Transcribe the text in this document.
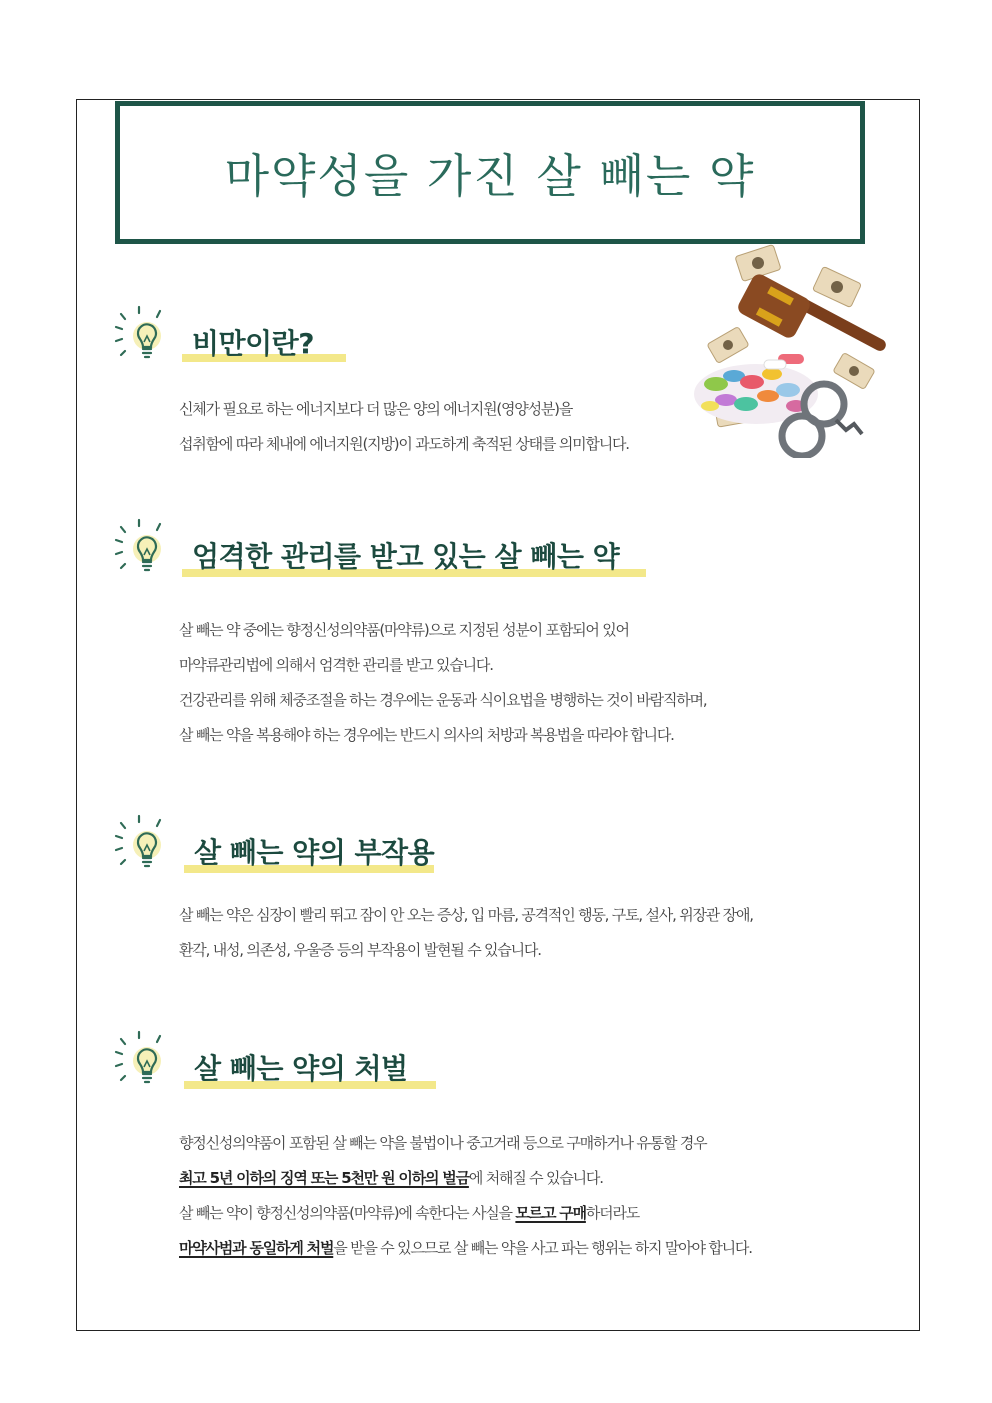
마약성을 가진 살 빼는 약
비만이란?
신체가 필요로 하는 에너지보다 더 많은 양의 에너지원(영양성분)을
섭취함에 따라 체내에 에너지원(지방)이 과도하게 축적된 상태를 의미합니다.
엄격한 관리를 받고 있는 살 빼는 약
살 빼는 약 중에는 향정신성의약품(마약류)으로 지정된 성분이 포함되어 있어
마약류관리법에 의해서 엄격한 관리를 받고 있습니다.
건강관리를 위해 체중조절을 하는 경우에는 운동과 식이요법을 병행하는 것이 바람직하며,
살 빼는 약을 복용해야 하는 경우에는 반드시 의사의 처방과 복용법을 따라야 합니다.
살 빼는 약의 부작용
살 빼는 약은 심장이 빨리 뛰고 잠이 안 오는 증상, 입 마름, 공격적인 행동, 구토, 설사, 위장관 장애,
환각, 내성, 의존성, 우울증 등의 부작용이 발현될 수 있습니다.
살 빼는 약의 처벌
향정신성의약품이 포함된 살 빼는 약을 불법이나 중고거래 등으로 구매하거나 유통할 경우
최고 5년 이하의 징역 또는 5천만 원 이하의 벌금에 처해질 수 있습니다.
살 빼는 약이 향정신성의약품(마약류)에 속한다는 사실을 모르고 구매하더라도
마약사범과 동일하게 처벌을 받을 수 있으므로 살 빼는 약을 사고 파는 행위는 하지 말아야 합니다.
